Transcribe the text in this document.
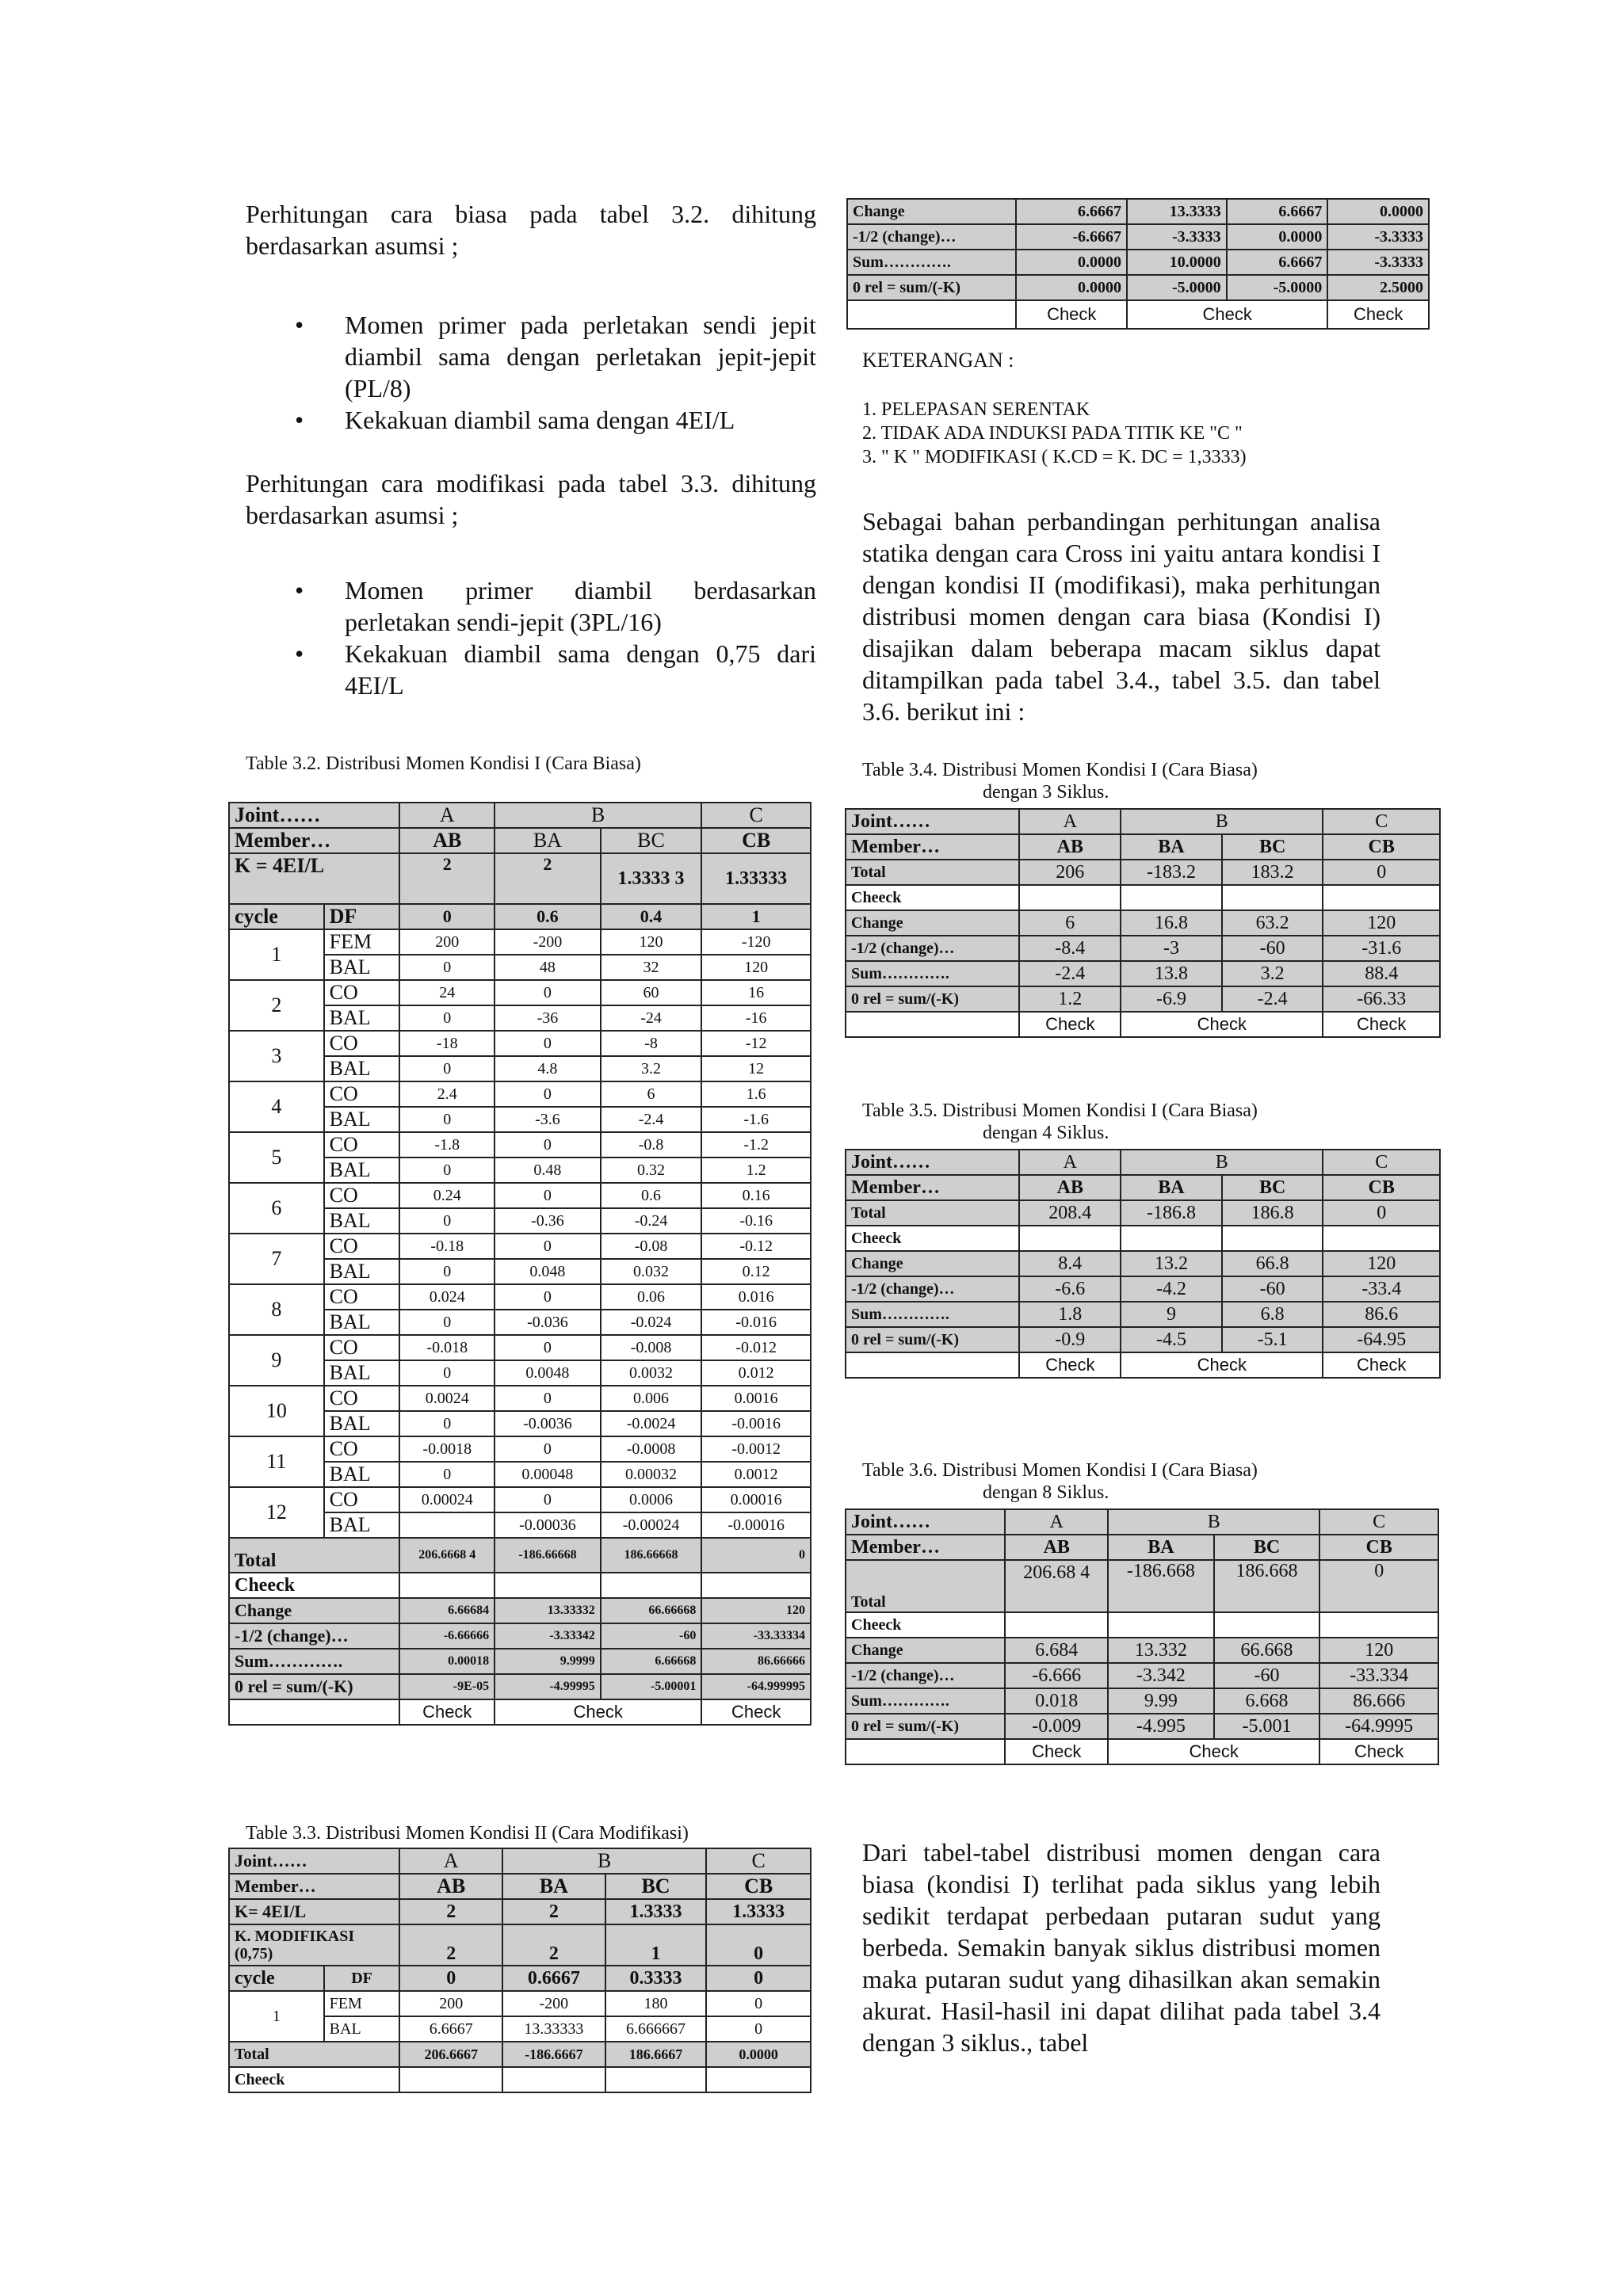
Perhitungan cara biasa pada tabel 3.2. dihitung berdasarkan asumsi ;

• Momen primer pada perletakan sendi jepit diambil sama dengan perletakan jepit-jepit (PL/8)
• Kekakuan diambil sama dengan 4EI/L

Perhitungan cara modifikasi pada tabel 3.3. dihitung berdasarkan asumsi ;

• Momen primer diambil berdasarkan perletakan sendi-jepit (3PL/16)
• Kekakuan diambil sama dengan 0,75 dari 4EI/L
Table 3.2. Distribusi Momen Kondisi I (Cara Biasa)
Joint……		A	B		C
Member…		AB	BA	BC	CB
K = 4EI/L		2	2	1.3333 3	1.33333
cycle	DF	0	0.6	0.4	1
1	FEM	200	-200	120	-120
	BAL	0	48	32	120
2	CO	24	0	60	16
	BAL	0	-36	-24	-16
3	CO	-18	0	-8	-12
	BAL	0	4.8	3.2	12
4	CO	2.4	0	6	1.6
	BAL	0	-3.6	-2.4	-1.6
5	CO	-1.8	0	-0.8	-1.2
	BAL	0	0.48	0.32	1.2
6	CO	0.24	0	0.6	0.16
	BAL	0	-0.36	-0.24	-0.16
7	CO	-0.18	0	-0.08	-0.12
	BAL	0	0.048	0.032	0.12
8	CO	0.024	0	0.06	0.016
	BAL	0	-0.036	-0.024	-0.016
9	CO	-0.018	0	-0.008	-0.012
	BAL	0	0.0048	0.0032	0.012
10	CO	0.0024	0	0.006	0.0016
	BAL	0	-0.0036	-0.0024	-0.0016
11	CO	-0.0018	0	-0.0008	-0.0012
	BAL	0	0.00048	0.00032	0.0012
12	CO	0.00024	0	0.0006	0.00016
	BAL		-0.00036	-0.00024	-0.00016
Total		206.6668 4	-186.66668	186.66668	0
Cheeck					
Change		6.66684	13.33332	66.66668	120
-1/2 (change)…		-6.66666	-3.33342	-60	-33.33334
Sum………….		0.00018	9.9999	6.66668	86.66666
0 rel = sum/(-K)		-9E-05	-4.99995	-5.00001	-64.999995
		Check	Check		Check
Table 3.3. Distribusi Momen Kondisi II (Cara Modifikasi)
Joint……		A	B		C
Member…		AB	BA	BC	CB
K= 4EI/L		2	2	1.3333	1.3333
K. MODIFIKASI (0,75)		2	2	1	0
cycle	DF	0	0.6667	0.3333	0
1	FEM	200	-200	180	0
	BAL	6.6667	13.33333	6.666667	0
Total		206.6667	-186.6667	186.6667	0.0000
Cheeck					
Change	6.6667	13.3333	6.6667	0.0000
-1/2 (change)…	-6.6667	-3.3333	0.0000	-3.3333
Sum………….	0.0000	10.0000	6.6667	-3.3333
0 rel = sum/(-K)	0.0000	-5.0000	-5.0000	2.5000
	Check	Check		Check
KETERANGAN :

1. PELEPASAN SERENTAK

2. TIDAK ADA INDUKSI PADA TITIK KE "C "

3. " K " MODIFIKASI ( K.CD = K. DC = 1,3333)

Sebagai bahan perbandingan perhitungan analisa statika dengan cara Cross ini yaitu antara kondisi I dengan kondisi II (modifikasi), maka perhitungan distribusi momen dengan cara biasa (Kondisi I) disajikan dalam beberapa macam siklus dapat ditampilkan pada tabel 3.4., tabel 3.5. dan tabel 3.6. berikut ini :

Table 3.4. Distribusi Momen Kondisi I (Cara Biasa)
dengan 3 Siklus.
Joint……	A	B		C
Member…	AB	BA	BC	CB
Total	206	-183.2	183.2	0
Cheeck				
Change	6	16.8	63.2	120
-1/2 (change)…	-8.4	-3	-60	-31.6
Sum………….	-2.4	13.8	3.2	88.4
0 rel = sum/(-K)	1.2	-6.9	-2.4	-66.33
	Check	Check		Check
Table 3.5. Distribusi Momen Kondisi I (Cara Biasa)
dengan 4 Siklus.
Joint……	A	B		C
Member…	AB	BA	BC	CB
Total	208.4	-186.8	186.8	0
Cheeck				
Change	8.4	13.2	66.8	120
-1/2 (change)…	-6.6	-4.2	-60	-33.4
Sum………….	1.8	9	6.8	86.6
0 rel = sum/(-K)	-0.9	-4.5	-5.1	-64.95
	Check	Check		Check
Table 3.6. Distribusi Momen Kondisi I (Cara Biasa)
dengan 8 Siklus.
Joint……	A	B		C
Member…	AB	BA	BC	CB
Total	206.68 4	-186.668	186.668	0
Cheeck				
Change	6.684	13.332	66.668	120
-1/2 (change)…	-6.666	-3.342	-60	-33.334
Sum………….	0.018	9.99	6.668	86.666
0 rel = sum/(-K)	-0.009	-4.995	-5.001	-64.9995
	Check	Check		Check

Dari tabel-tabel distribusi momen dengan cara biasa (kondisi I) terlihat pada siklus yang lebih sedikit terdapat perbedaan putaran sudut yang berbeda. Semakin banyak siklus distribusi momen maka putaran sudut yang dihasilkan akan semakin akurat. Hasil-hasil ini dapat dilihat pada tabel 3.4 dengan 3 siklus., tabel
